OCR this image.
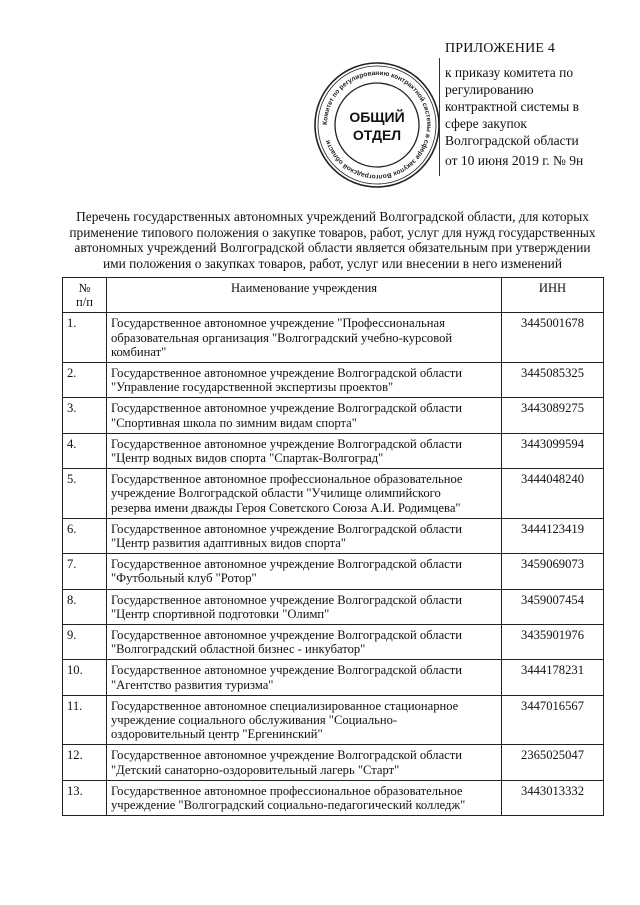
Комитет по регулированию контрактной системы в сфере закупок Волгоградской области
ОБЩИЙ
ОТДЕЛ
ПРИЛОЖЕНИЕ 4
к приказу комитета по
регулированию
контрактной системы в
сфере закупок
Волгоградской области
от 10 июня 2019 г. № 9н
Перечень государственных автономных учреждений Волгоградской области, для которых
применение типового положения о закупке товаров, работ, услуг для нужд государственных
автономных учреждений Волгоградской области является обязательным при утверждении
ими положения о закупках товаров, работ, услуг или внесении в него изменений
№
п/п	Наименование учреждения	ИНН
1.	Государственное автономное учреждение "Профессиональная
образовательная организация "Волгоградский учебно-курсовой
комбинат"	3445001678
2.	Государственное автономное учреждение Волгоградской области
"Управление государственной экспертизы проектов"	3445085325
3.	Государственное автономное учреждение Волгоградской области
"Спортивная школа по зимним видам спорта"	3443089275
4.	Государственное автономное учреждение Волгоградской области
"Центр водных видов спорта "Спартак-Волгоград"	3443099594
5.	Государственное автономное профессиональное образовательное
учреждение Волгоградской области "Училище олимпийского
резерва имени дважды Героя Советского Союза А.И. Родимцева"	3444048240
6.	Государственное автономное учреждение Волгоградской области
"Центр развития адаптивных видов спорта"	3444123419
7.	Государственное автономное учреждение Волгоградской области
"Футбольный клуб "Ротор"	3459069073
8.	Государственное автономное учреждение Волгоградской области
"Центр спортивной подготовки "Олимп"	3459007454
9.	Государственное автономное учреждение Волгоградской области
"Волгоградский областной бизнес - инкубатор"	3435901976
10.	Государственное автономное учреждение Волгоградской области
"Агентство развития туризма"	3444178231
11.	Государственное автономное специализированное стационарное
учреждение социального обслуживания "Социально-
оздоровительный центр "Ергенинский"	3447016567
12.	Государственное автономное учреждение Волгоградской области
"Детский санаторно-оздоровительный лагерь "Старт"	2365025047
13.	Государственное автономное профессиональное образовательное
учреждение "Волгоградский социально-педагогический колледж"	3443013332
